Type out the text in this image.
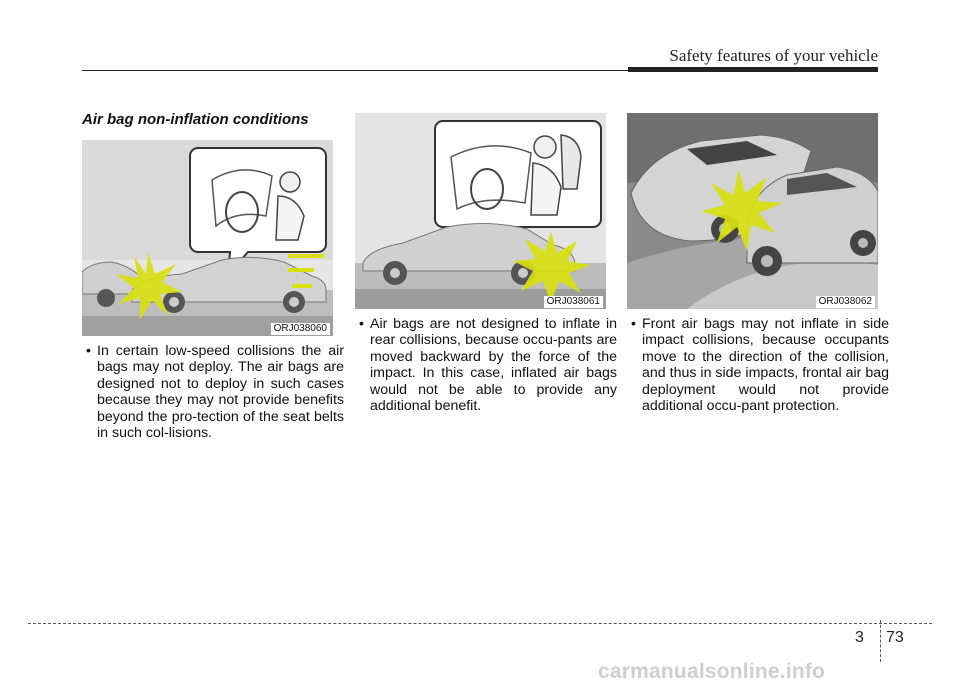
Safety features of your vehicle
Air bag non-inflation conditions
ORJ038060
ORJ038061	ORJ038062
• In certain low-speed collisions the air bags may not deploy. The air bags are designed not to deploy in such cases because they may not provide benefits beyond the pro-tection of the seat belts in such col-lisions.
• Air bags are not designed to inflate in rear collisions, because occu-pants are moved backward by the force of the impact. In this case, inflated air bags would not be able to provide any additional benefit.
• Front air bags may not inflate in side impact collisions, because occupants move to the direction of the collision, and thus in side impacts, frontal air bag deployment would not provide additional occu-pant protection.
3 73
carmanualsonline.info
